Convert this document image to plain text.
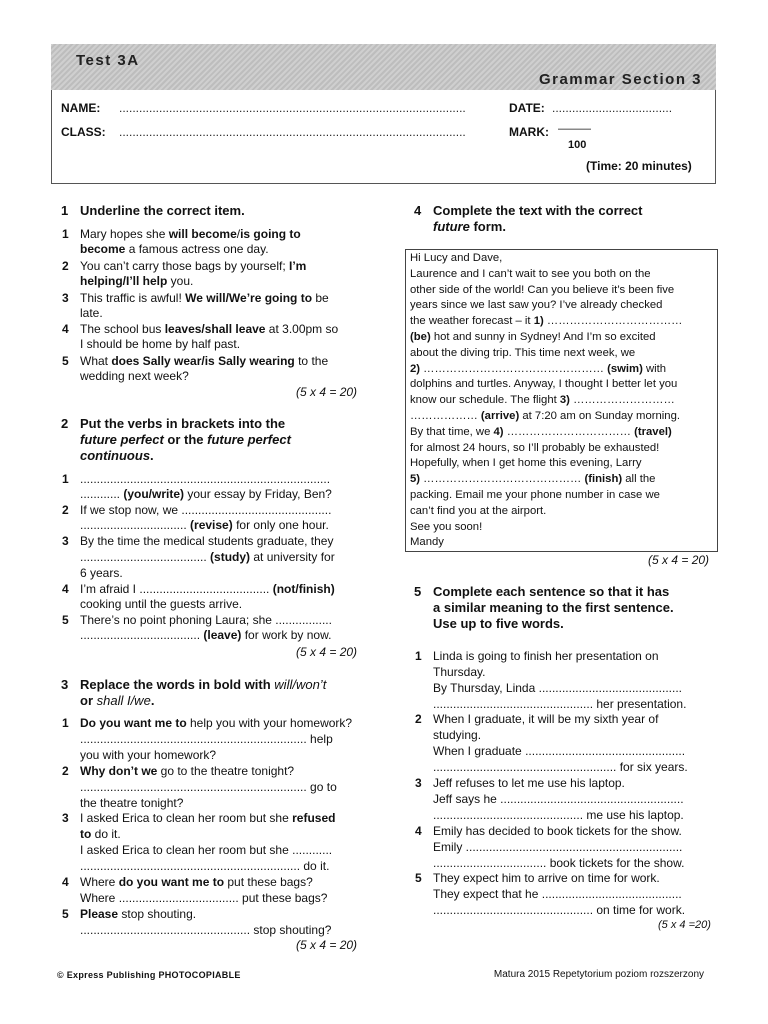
Test 3A
Grammar Section 3
NAME: ........................................................................................................
CLASS: ........................................................................................................
DATE: ....................................
MARK: ―――
100
(Time: 20 minutes)
1 Underline the correct item.
1 Mary hopes she will become/is going to
become a famous actress one day.
2 You can’t carry those bags by yourself; I’m
helping/I’ll help you.
3 This traffic is awful! We will/We’re going to be
late.
4 The school bus leaves/shall leave at 3.00pm so
I should be home by half past.
5 What does Sally wear/is Sally wearing to the
wedding next week?
(5 x 4 = 20)
2 Put the verbs in brackets into the
future perfect or the future perfect
continuous.
1 ...........................................................................
............ (you/write) your essay by Friday, Ben?
2 If we stop now, we .............................................
................................ (revise) for only one hour.
3 By the time the medical students graduate, they
...................................... (study) at university for
6 years.
4 I’m afraid I ....................................... (not/finish)
cooking until the guests arrive.
5 There’s no point phoning Laura; she .................
.................................... (leave) for work by now.
(5 x 4 = 20)
3 Replace the words in bold with will/won’t
or shall I/we.
1 Do you want me to help you with your homework?
.................................................................... help
you with your homework?
2 Why don’t we go to the theatre tonight?
.................................................................... go to
the theatre tonight?
3 I asked Erica to clean her room but she refused
to do it.
I asked Erica to clean her room but she ............
.................................................................. do it.
4 Where do you want me to put these bags?
Where .................................... put these bags?
5 Please stop shouting.
................................................... stop shouting?
(5 x 4 = 20)
4 Complete the text with the correct
future form.
Hi Lucy and Dave,
Laurence and I can’t wait to see you both on the
other side of the world! Can you believe it’s been five
years since we last saw you? I’ve already checked
the weather forecast – it 1) ………………………………
(be) hot and sunny in Sydney! And I’m so excited
about the diving trip. This time next week, we
2) ………………………………………… (swim) with
dolphins and turtles. Anyway, I thought I better let you
know our schedule. The flight 3) ………………………
……………… (arrive) at 7:20 am on Sunday morning.
By that time, we 4) …………………………… (travel)
for almost 24 hours, so I’ll probably be exhausted!
Hopefully, when I get home this evening, Larry
5) …………………………………… (finish) all the
packing. Email me your phone number in case we
can’t find you at the airport.
See you soon!
Mandy
(5 x 4 = 20)
5 Complete each sentence so that it has
a similar meaning to the first sentence.
Use up to five words.
1 Linda is going to finish her presentation on
Thursday.
By Thursday, Linda ...........................................
................................................ her presentation.
2 When I graduate, it will be my sixth year of
studying.
When I graduate ................................................
....................................................... for six years.
3 Jeff refuses to let me use his laptop.
Jeff says he .......................................................
............................................. me use his laptop.
4 Emily has decided to book tickets for the show.
Emily .................................................................
.................................. book tickets for the show.
5 They expect him to arrive on time for work.
They expect that he ..........................................
................................................ on time for work.
(5 x 4 =20)
© Express Publishing PHOTOCOPIABLE	Matura 2015 Repetytorium poziom rozszerzony
